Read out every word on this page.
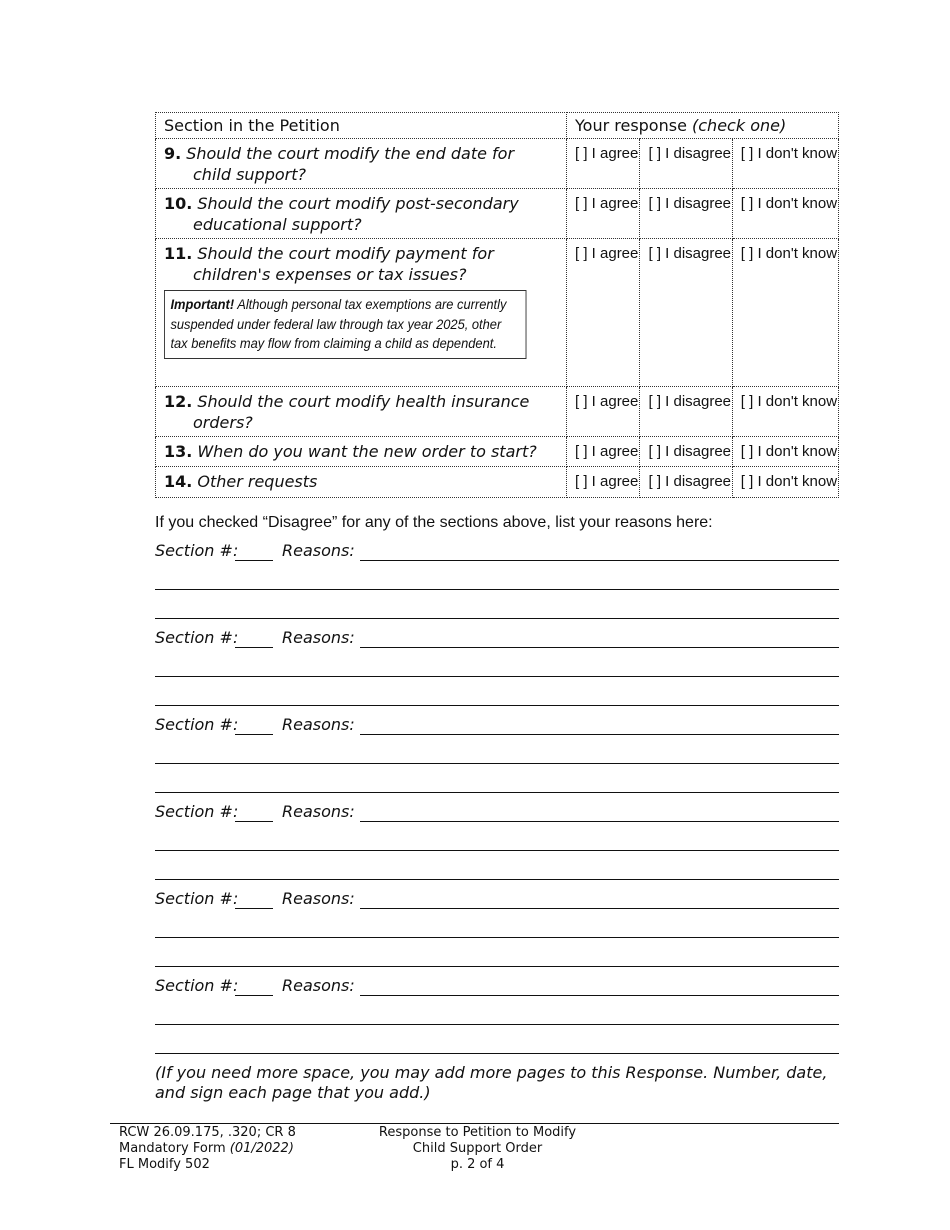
Section in the Petition	Your response (check one)		
9. Should the court modify the end date for
child support?	[ ] I agree	[ ] I disagree	[ ] I don't know
10. Should the court modify post-secondary
educational support?	[ ] I agree	[ ] I disagree	[ ] I don't know
11. Should the court modify payment for
children's expenses or tax issues?
Important! Although personal tax exemptions are currently suspended under federal law through tax year 2025, other tax benefits may flow from claiming a child as dependent.	[ ] I agree	[ ] I disagree	[ ] I don't know
12. Should the court modify health insurance
orders?	[ ] I agree	[ ] I disagree	[ ] I don't know
13. When do you want the new order to start?	[ ] I agree	[ ] I disagree	[ ] I don't know
14. Other requests	[ ] I agree	[ ] I disagree	[ ] I don't know
If you checked “Disagree” for any of the sections above, list your reasons here:
Section #:	Reasons:
Section #:	Reasons:
Section #:	Reasons:
Section #:	Reasons:
Section #:	Reasons:
Section #:	Reasons:
(If you need more space, you may add more pages to this Response. Number, date, and sign each page that you add.)
RCW 26.09.175, .320; CR 8
Mandatory Form (01/2022)
FL Modify 502
Response to Petition to Modify
Child Support Order
p. 2 of 4
